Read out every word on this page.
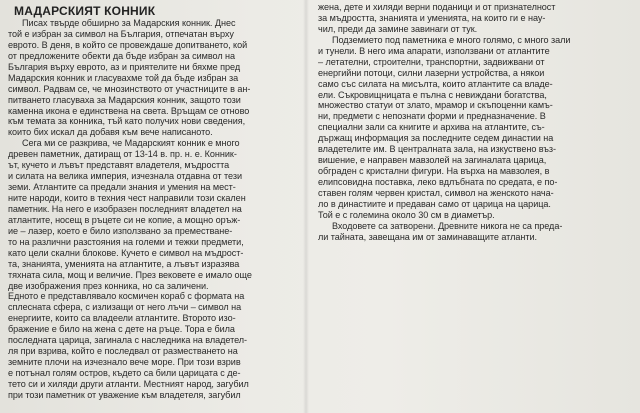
МАДАРСКИЯТ КОННИК
Писах твърде обширно за Мадарския конник. Днес
той е избран за символ на България, отпечатан върху
еврото. В деня, в който се провеждаше допитването, кой
от предложените обекти да бъде избран за символ на
България върху еврото, аз и приятелите ни бяхме пред
Мадарския конник и гласувахме той да бъде избран за
символ. Радвам се, че мнозинството от участниците в ан-
питването гласуваха за Мадарския конник, защото този
каменна икона е единствена на света. Връщам се отново
към темата за конника, тъй като получих нови сведения,
които бих искал да добавя към вече написаното.
Сега ми се разкрива, че Мадарският конник е много
древен паметник, датиращ от 13-14 в. пр. н. е. Конник-
ът, кучето и лъвът представят владетеля, мъдростта
и силата на велика империя, изчезнала отдавна от тези
земи. Атлантите са предали знания и умения на мест-
ните народи, които в техния чест направили този скален
паметник. На него е изобразен последният владетел на
атлантите, носещ в ръцете си не копие, а мощно оръж-
ие – лазер, което е било използвано за преместване-
то на различни разстояния на големи и тежки предмети,
като цели скални блокове. Кучето е символ на мъдрост-
та, знанията, уменията на атлантите, а лъвът изразява
тяхната сила, мощ и величие. През вековете е имало още
две изображения през конника, но са заличени.
Едното е представлявало космичен кораб с формата на
сплесната сфера, с излизащи от него лъчи – символ на
енергиите, които са владеели атлантите. Второто изо-
бражение е било на жена с дете на ръце. Тора е била
последната царица, загинала с наследника на владетел-
ля при взрива, който е последвал от разместването на
земните плочи на изчезнало вече море. При този взрив
е потънал голям остров, където са били царицата с де-
тето си и хиляди други атланти. Местният народ, загубил
при този паметник от уважение към владетеля, загубил
жена, дете и хиляди верни поданици и от признателност
за мъдростта, знанията и уменията, на които ги е нау-
чил, преди да замине завинаги от тук.
Подземието под паметника е много голямо, с много зали
и тунели. В него има апарати, използвани от атлантите
– летателни, строителни, транспортни, задвижвани от
енергийни потоци, силни лазерни устройства, а някои
само със силата на мисълта, които атлантите са владе-
ели. Съкровищницата е пълна с невиждани богатства,
множество статуи от злато, мрамор и скъпоценни камъ-
ни, предмети с непознати форми и предназначение. В
специални зали са книгите и архива на атлантите, съ-
държащ информация за последните седем династии на
владетелите им. В централната зала, на изкуствено въз-
вишение, е направен мавзолей на загиналата царица,
обграден с кристални фигури. На върха на мавзолея, в
елипсовидна поставка, леко вдлъбната по средата, е по-
ставен голям червен кристал, символ на женското нача-
ло в династиите и предаван само от царица на царица.
Той е с големина около 30 см в диаметър.
Входовете са затворени. Древните никога не са преда-
ли тайната, завещана им от заминаващите атланти.
